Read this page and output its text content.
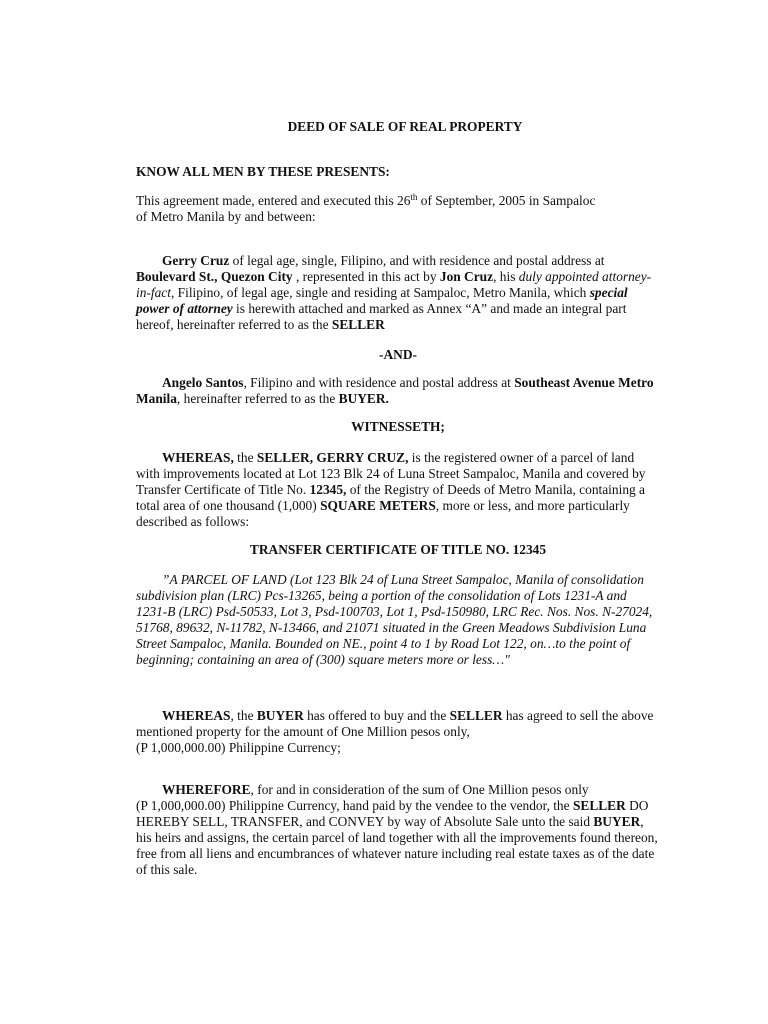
DEED OF SALE OF REAL PROPERTY

KNOW ALL MEN BY THESE PRESENTS:

This agreement made, entered and executed this 26th of September, 2005 in Sampaloc
of Metro Manila by and between:

Gerry Cruz of legal age, single, Filipino, and with residence and postal address at Boulevard St., Quezon City , represented in this act by Jon Cruz, his duly appointed attorney-in-fact, Filipino, of legal age, single and residing at Sampaloc, Metro Manila, which special power of attorney is herewith attached and marked as Annex “A” and made an integral part hereof, hereinafter referred to as the SELLER

-AND-

Angelo Santos, Filipino and with residence and postal address at Southeast Avenue Metro Manila, hereinafter referred to as the BUYER.

WITNESSETH;

WHEREAS, the SELLER, GERRY CRUZ, is the registered owner of a parcel of land with improvements located at Lot 123 Blk 24 of Luna Street Sampaloc, Manila and covered by Transfer Certificate of Title No. 12345, of the Registry of Deeds of Metro Manila, containing a total area of one thousand (1,000) SQUARE METERS, more or less, and more particularly described as follows:

TRANSFER CERTIFICATE OF TITLE NO. 12345

”A PARCEL OF LAND (Lot 123 Blk 24 of Luna Street Sampaloc, Manila of consolidation subdivision plan (LRC) Pcs-13265, being a portion of the consolidation of Lots 1231-A and 1231-B (LRC) Psd-50533, Lot 3, Psd-100703, Lot 1, Psd-150980, LRC Rec. Nos. Nos. N-27024, 51768, 89632, N-11782, N-13466, and 21071 situated in the Green Meadows Subdivision Luna Street Sampaloc, Manila. Bounded on NE., point 4 to 1 by Road Lot 122, on…to the point of beginning; containing an area of (300) square meters more or less…"

WHEREAS, the BUYER has offered to buy and the SELLER has agreed to sell the above mentioned property for the amount of One Million pesos only,
(P 1,000,000.00) Philippine Currency;

WHEREFORE, for and in consideration of the sum of One Million pesos only
(P 1,000,000.00) Philippine Currency, hand paid by the vendee to the vendor, the SELLER DO HEREBY SELL, TRANSFER, and CONVEY by way of Absolute Sale unto the said BUYER, his heirs and assigns, the certain parcel of land together with all the improvements found thereon, free from all liens and encumbrances of whatever nature including real estate taxes as of the date of this sale.
